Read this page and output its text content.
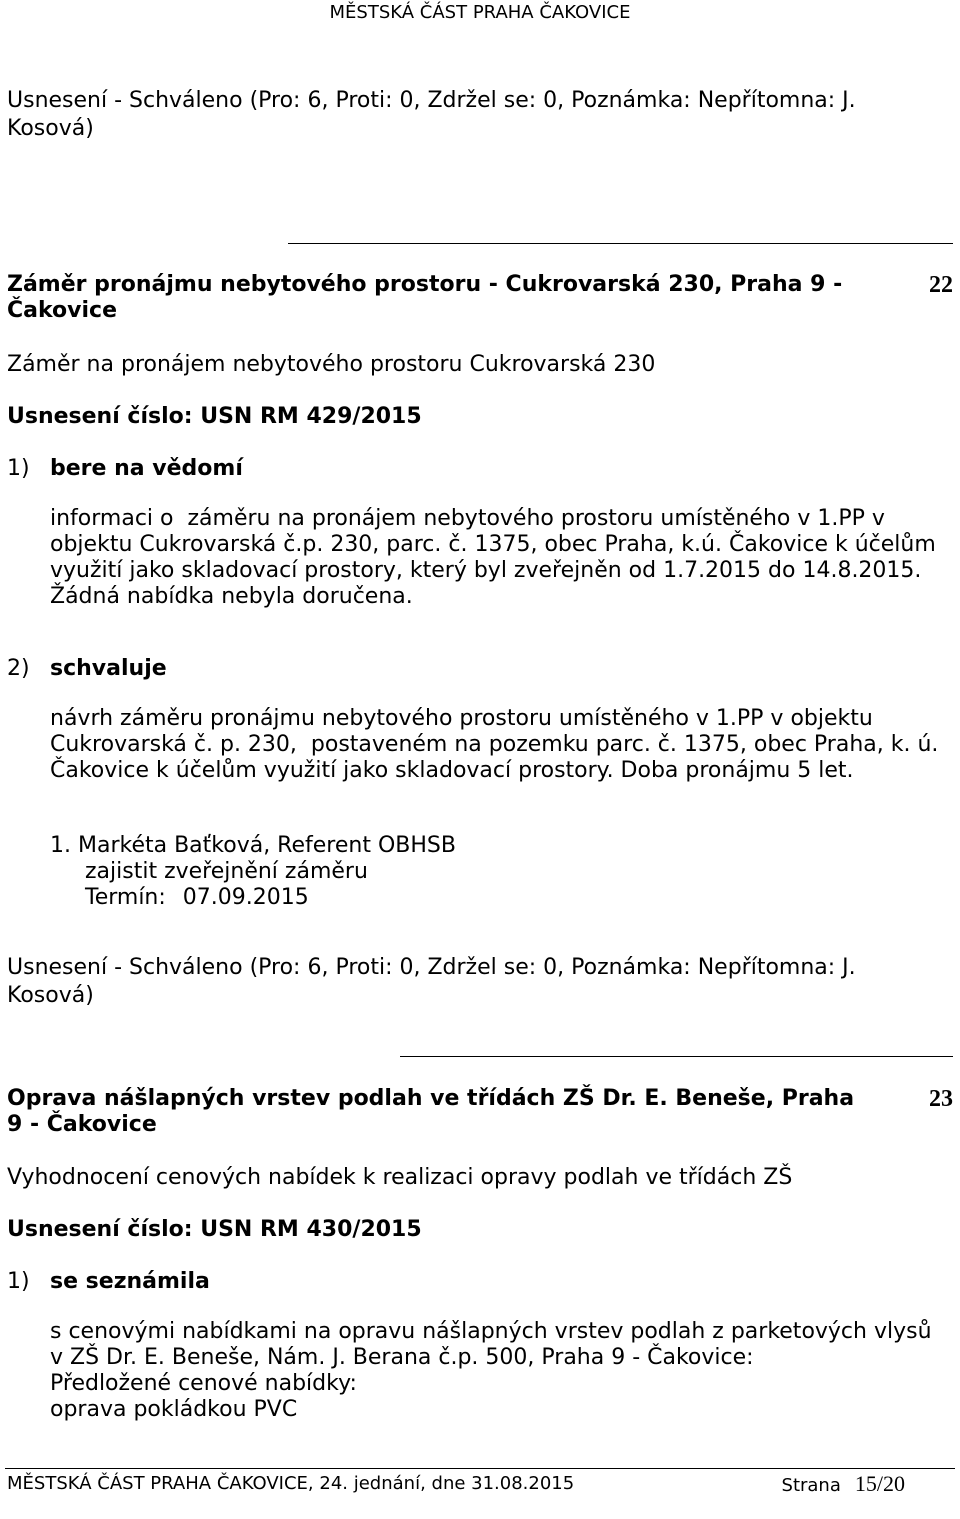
MĚSTSKÁ ČÁST PRAHA ČAKOVICE
Usnesení - Schváleno (Pro: 6, Proti: 0, Zdržel se: 0, Poznámka: Nepřítomna: J.
Kosová)
Záměr pronájmu nebytového prostoru - Cukrovarská 230, Praha 9 -
Čakovice
22
Záměr na pronájem nebytového prostoru Cukrovarská 230
Usnesení číslo: USN RM 429/2015
1) bere na vědomí
informaci o  záměru na pronájem nebytového prostoru umístěného v 1.PP v
objektu Cukrovarská č.p. 230, parc. č. 1375, obec Praha, k.ú. Čakovice k účelům
využití jako skladovací prostory, který byl zveřejněn od 1.7.2015 do 14.8.2015.
Žádná nabídka nebyla doručena.
2) schvaluje
návrh záměru pronájmu nebytového prostoru umístěného v 1.PP v objektu
Cukrovarská č. p. 230,  postaveném na pozemku parc. č. 1375, obec Praha, k. ú.
Čakovice k účelům využití jako skladovací prostory. Doba pronájmu 5 let.
1. Markéta Baťková, Referent OBHSB
zajistit zveřejnění záměru
Termín: 07.09.2015
Usnesení - Schváleno (Pro: 6, Proti: 0, Zdržel se: 0, Poznámka: Nepřítomna: J.
Kosová)
Oprava nášlapných vrstev podlah ve třídách ZŠ Dr. E. Beneše, Praha
9 - Čakovice
23
Vyhodnocení cenových nabídek k realizaci opravy podlah ve třídách ZŠ
Usnesení číslo: USN RM 430/2015
1) se seznámila
s cenovými nabídkami na opravu nášlapných vrstev podlah z parketových vlysů
v ZŠ Dr. E. Beneše, Nám. J. Berana č.p. 500, Praha 9 - Čakovice:
Předložené cenové nabídky:
oprava pokládkou PVC
MĚSTSKÁ ČÁST PRAHA ČAKOVICE, 24. jednání, dne 31.08.2015	Strana 15/20
